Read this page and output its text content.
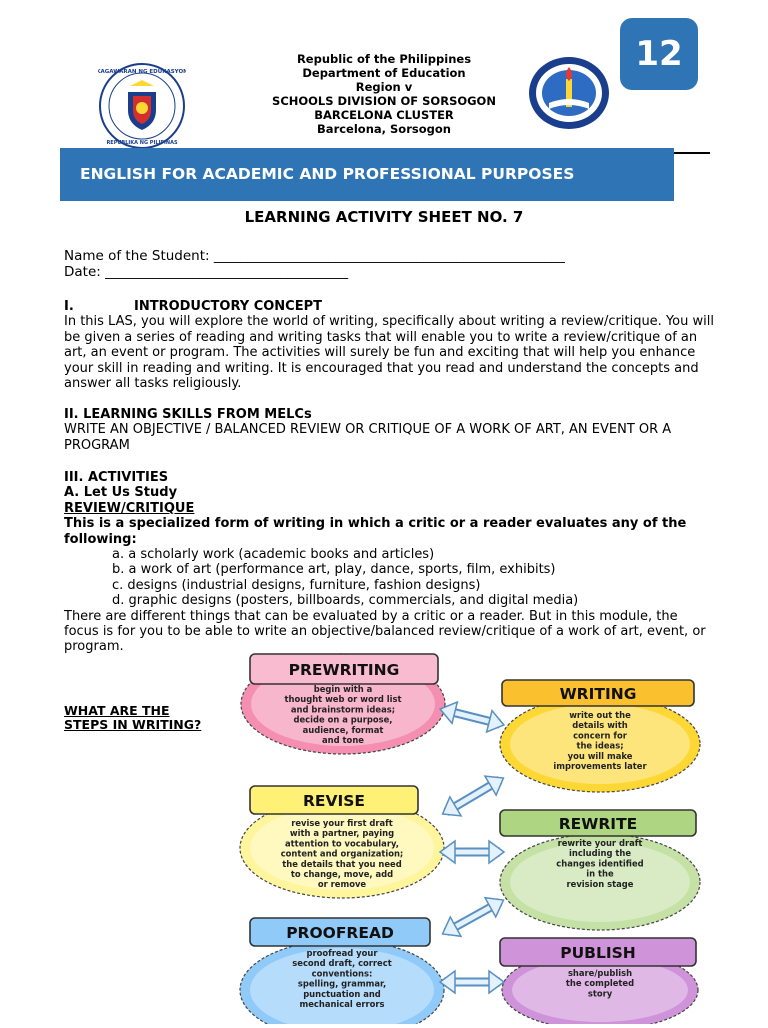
KAGAWARAN NG EDUKASYON
REPUBLIKA NG PILIPINAS
Republic of the Philippines
Department of Education
Region v
SCHOOLS DIVISION OF SORSOGON
BARCELONA CLUSTER
Barcelona, Sorsogon
12
ENGLISH FOR ACADEMIC AND PROFESSIONAL PURPOSES
LEARNING ACTIVITY SHEET NO. 7
Name of the Student: ____________________________________________________
Date: ____________________________________
I.	INTRODUCTORY CONCEPT
In this LAS, you will explore the world of writing, specifically about writing a review/critique. You will be given a series of reading and writing tasks that will enable you to write a review/critique of an art, an event or program. The activities will surely be fun and exciting that will help you enhance your skill in reading and writing. It is encouraged that you read and understand the concepts and answer all tasks religiously.
II. LEARNING SKILLS FROM MELCs
WRITE AN OBJECTIVE / BALANCED REVIEW OR CRITIQUE OF A WORK OF ART, AN EVENT OR A PROGRAM
III. ACTIVITIES
A. Let Us Study
REVIEW/CRITIQUE
This is a specialized form of writing in which a critic or a reader evaluates any of the following:
a. a scholarly work (academic books and articles)
b. a work of art (performance art, play, dance, sports, film, exhibits)
c. designs (industrial designs, furniture, fashion designs)
d. graphic designs (posters, billboards, commercials, and digital media)
There are different things that can be evaluated by a critic or a reader. But in this module, the focus is for you to be able to write an objective/balanced review/critique of a work of art, event, or program.
WHAT ARE THE
STEPS IN WRITING?
PREWRITING
begin with a
thought web or word list
and brainstorm ideas;
decide on a purpose,
audience, format
and tone
WRITING
write out the
details with
concern for
the ideas;
you will make
improvements later
REVISE
revise your first draft
with a partner, paying
attention to vocabulary,
content and organization;
the details that you need
to change, move, add
or remove
REWRITE
rewrite your draft
including the
changes identified
in the
revision stage
PROOFREAD
proofread your
second draft, correct
conventions:
spelling, grammar,
punctuation and
mechanical errors
PUBLISH
share/publish
the completed
story
